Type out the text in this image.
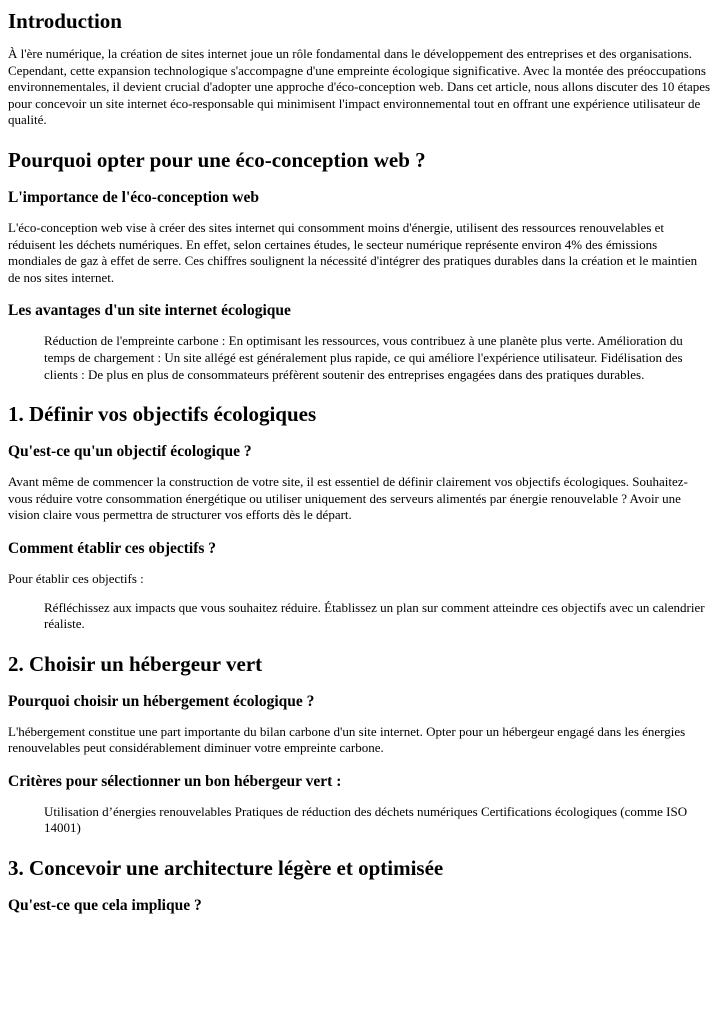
Introduction

À l'ère numérique, la création de sites internet joue un rôle fondamental dans le développement des entreprises et des organisations. Cependant, cette expansion technologique s'accompagne d'une empreinte écologique significative. Avec la montée des préoccupations environnementales, il devient crucial d'adopter une approche d'éco-conception web. Dans cet article, nous allons discuter des 10 étapes pour concevoir un site internet éco-responsable qui minimisent l'impact environnemental tout en offrant une expérience utilisateur de qualité.

Pourquoi opter pour une éco-conception web ?
L'importance de l'éco-conception web

L'éco-conception web vise à créer des sites internet qui consomment moins d'énergie, utilisent des ressources renouvelables et réduisent les déchets numériques. En effet, selon certaines études, le secteur numérique représente environ 4% des émissions mondiales de gaz à effet de serre. Ces chiffres soulignent la nécessité d'intégrer des pratiques durables dans la création et le maintien de nos sites internet.

Les avantages d'un site internet écologique
Réduction de l'empreinte carbone : En optimisant les ressources, vous contribuez à une planète plus verte. Amélioration du temps de chargement : Un site allégé est généralement plus rapide, ce qui améliore l'expérience utilisateur. Fidélisation des clients : De plus en plus de consommateurs préfèrent soutenir des entreprises engagées dans des pratiques durables.
1. Définir vos objectifs écologiques
Qu'est-ce qu'un objectif écologique ?

Avant même de commencer la construction de votre site, il est essentiel de définir clairement vos objectifs écologiques. Souhaitez-vous réduire votre consommation énergétique ou utiliser uniquement des serveurs alimentés par énergie renouvelable ? Avoir une vision claire vous permettra de structurer vos efforts dès le départ.

Comment établir ces objectifs ?

Pour établir ces objectifs :

Réfléchissez aux impacts que vous souhaitez réduire. Établissez un plan sur comment atteindre ces objectifs avec un calendrier réaliste.
2. Choisir un hébergeur vert
Pourquoi choisir un hébergement écologique ?

L'hébergement constitue une part importante du bilan carbone d'un site internet. Opter pour un hébergeur engagé dans les énergies renouvelables peut considérablement diminuer votre empreinte carbone.

Critères pour sélectionner un bon hébergeur vert :
Utilisation d’énergies renouvelables Pratiques de réduction des déchets numériques Certifications écologiques (comme ISO 14001)
3. Concevoir une architecture légère et optimisée
Qu'est-ce que cela implique ?
